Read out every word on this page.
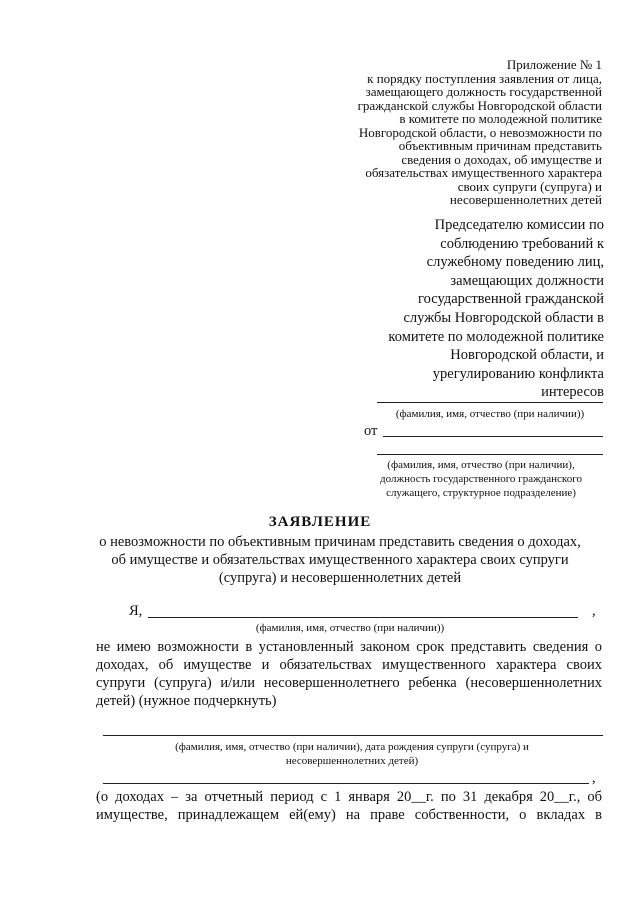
Приложение № 1
к порядку поступления заявления от лица,
замещающего должность государственной
гражданской службы Новгородской области
в комитете по молодежной политике
Новгородской области, о невозможности по
объективным причинам представить
сведения о доходах, об имуществе и
обязательствах имущественного характера
своих супруги (супруга) и
несовершеннолетних детей
Председателю комиссии по
соблюдению требований к
служебному поведению лиц,
замещающих должности
государственной гражданской
службы Новгородской области в
комитете по молодежной политике
Новгородской области, и
урегулированию конфликта
интересов
(фамилия, имя, отчество (при наличии))
от
(фамилия, имя, отчество (при наличии),
должность государственного гражданского
служащего, структурное подразделение)
ЗАЯВЛЕНИЕ
о невозможности по объективным причинам представить сведения о доходах,
об имуществе и обязательствах имущественного характера своих супруги
(супруга) и несовершеннолетних детей
Я,	,
(фамилия, имя, отчество (при наличии))
не имею возможности в установленный законом срок представить сведения о
доходах, об имуществе и обязательствах имущественного характера своих
супруги (супруга) и/или несовершеннолетнего ребенка (несовершеннолетних
детей) (нужное подчеркнуть)
(фамилия, имя, отчество (при наличии), дата рождения супруги (супруга) и
несовершеннолетних детей)
,
(о доходах – за отчетный период с 1 января 20__г. по 31 декабря 20__г., об
имуществе, принадлежащем ей(ему) на праве собственности, о вкладах в
